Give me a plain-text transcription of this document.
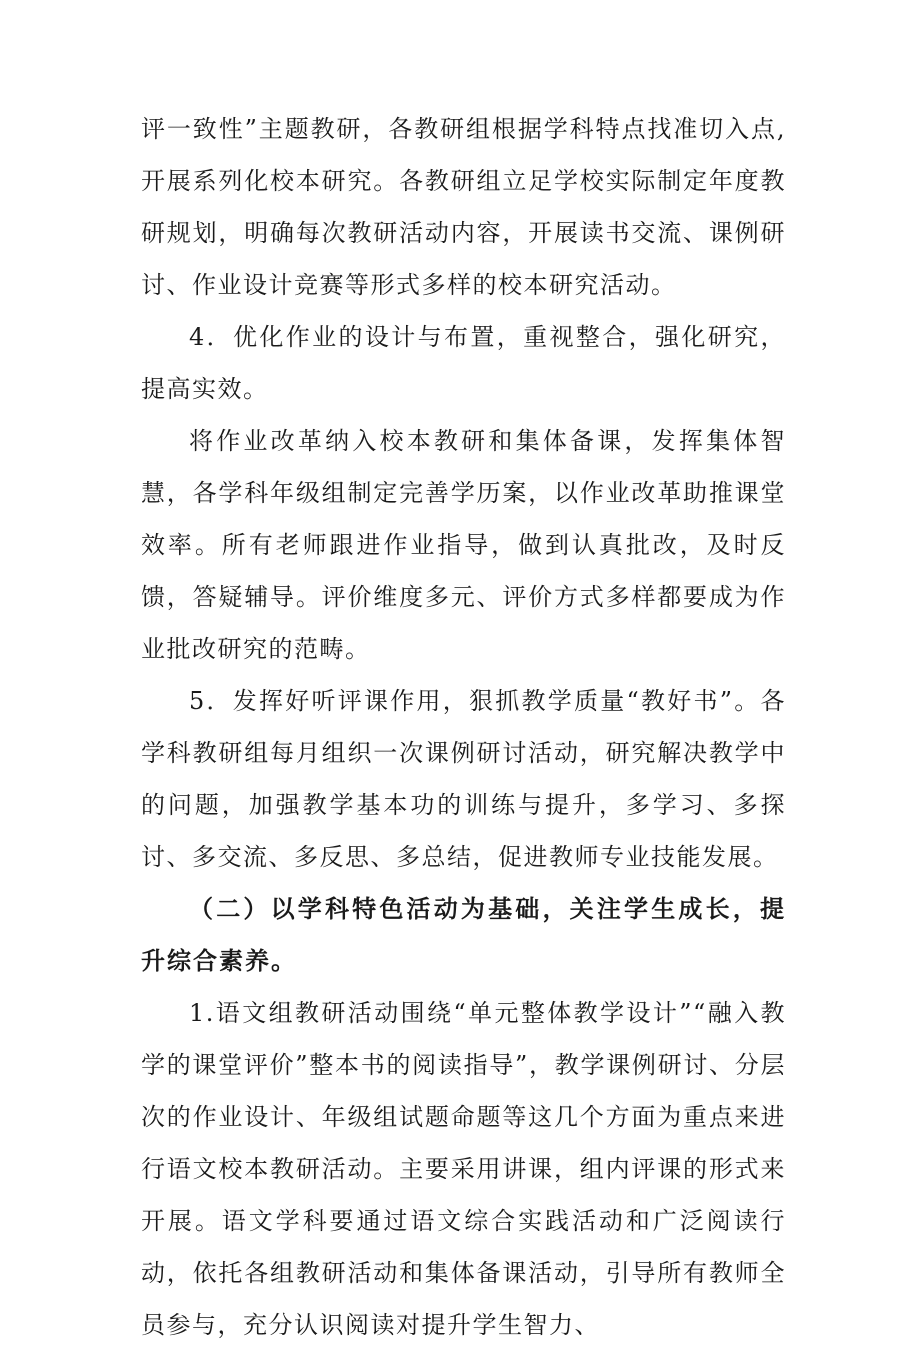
评一致性”主题教研，各教研组根据学科特点找准切入点,开展系列化校本研究。各教研组立足学校实际制定年度教研规划，明确每次教研活动内容，开展读书交流、课例研讨、作业设计竞赛等形式多样的校本研究活动。

4．优化作业的设计与布置，重视整合，强化研究，提高实效。

将作业改革纳入校本教研和集体备课，发挥集体智慧，各学科年级组制定完善学历案，以作业改革助推课堂效率。所有老师跟进作业指导，做到认真批改，及时反馈，答疑辅导。评价维度多元、评价方式多样都要成为作业批改研究的范畴。

5．发挥好听评课作用，狠抓教学质量“教好书”。各学科教研组每月组织一次课例研讨活动，研究解决教学中的问题，加强教学基本功的训练与提升，多学习、多探讨、多交流、多反思、多总结，促进教师专业技能发展。

（二）以学科特色活动为基础，关注学生成长，提升综合素养。

1.语文组教研活动围绕“单元整体教学设计”“融入教学的课堂评价”整本书的阅读指导”，教学课例研讨、分层次的作业设计、年级组试题命题等这几个方面为重点来进行语文校本教研活动。主要采用讲课，组内评课的形式来开展。语文学科要通过语文综合实践活动和广泛阅读行动，依托各组教研活动和集体备课活动，引导所有教师全员参与，充分认识阅读对提升学生智力、
